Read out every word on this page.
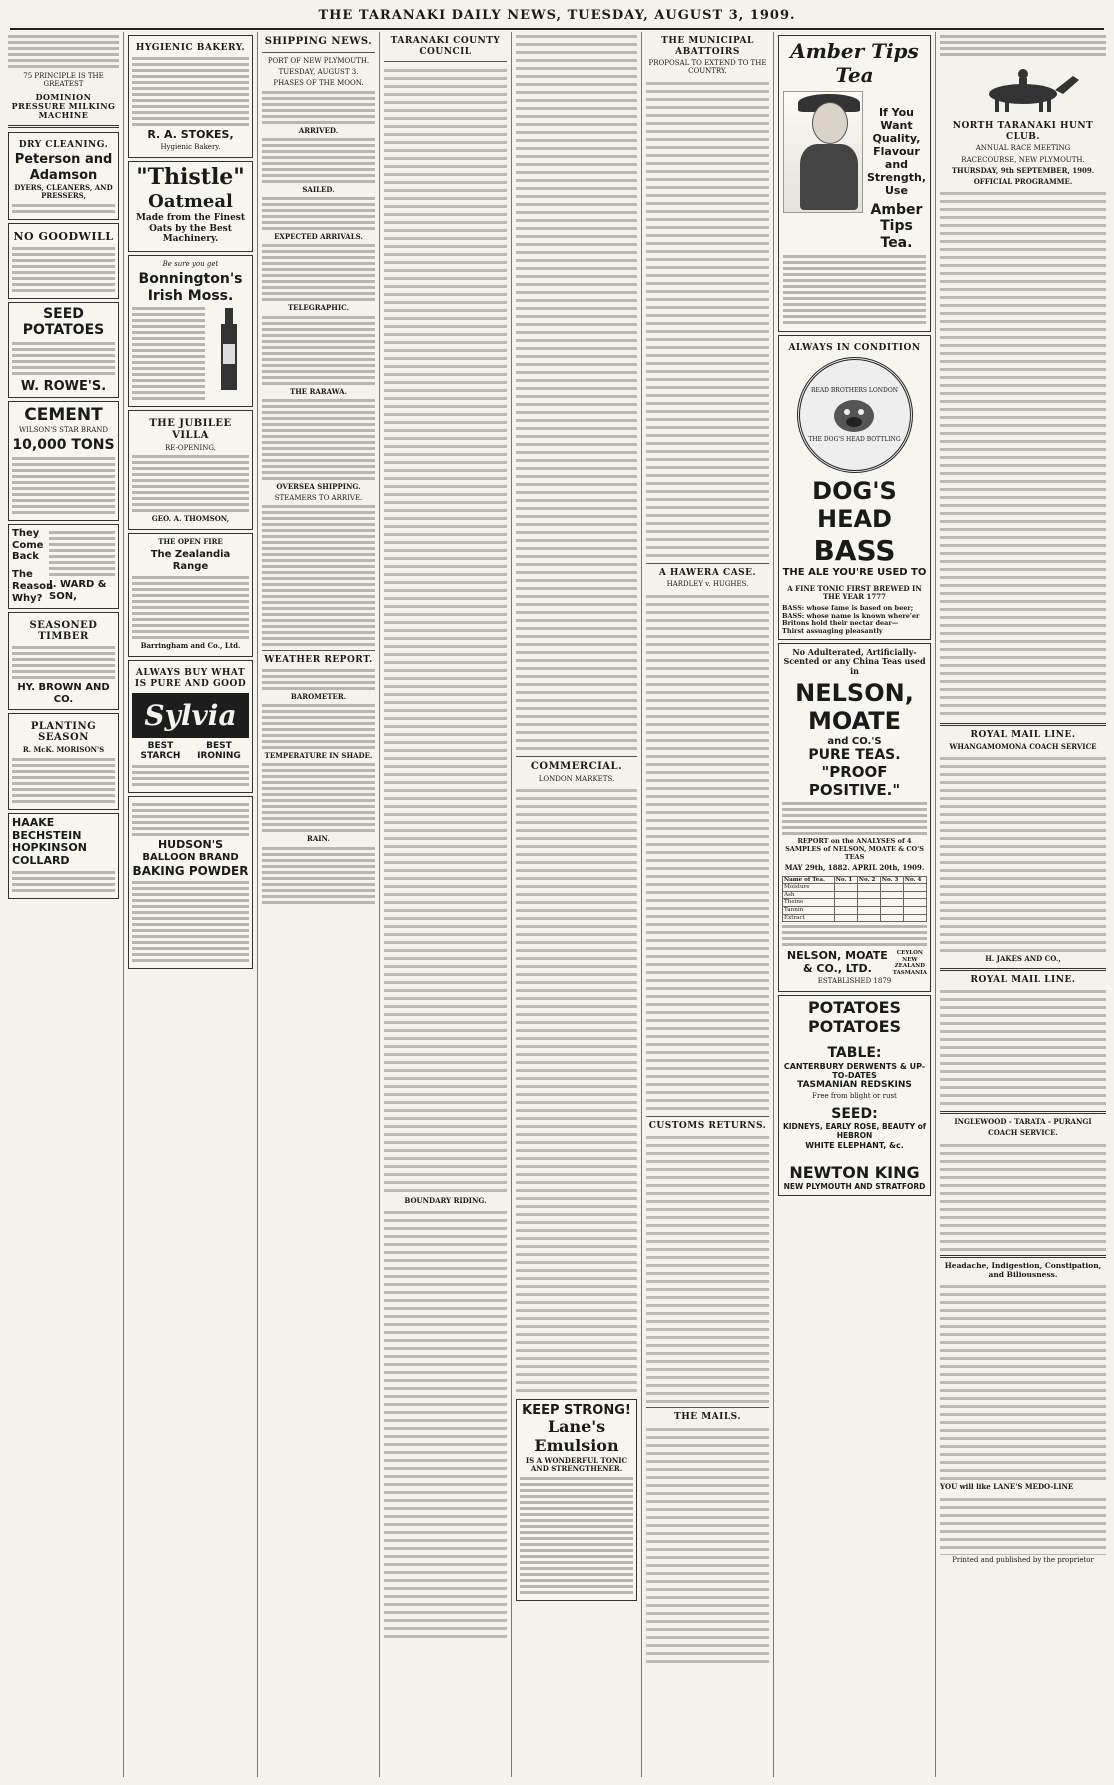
THE TARANAKI DAILY NEWS, TUESDAY, AUGUST 3, 1909.
75 PRINCIPLE IS THE GREATEST
DOMINION PRESSURE MILKING MACHINE
DRY CLEANING.
Peterson and Adamson
DYERS, CLEANERS, AND PRESSERS,
NO GOODWILL
SEED POTATOES
W. ROWE'S.
CEMENT
WILSON'S STAR BRAND
10,000 TONS
They Come Back
The Reason Why?
J. WARD & SON,
SEASONED TIMBER
HY. BROWN AND CO.
PLANTING SEASON
R. McK. MORISON'S
HAAKE
BECHSTEIN
HOPKINSON
COLLARD
HYGIENIC BAKERY.
R. A. STOKES,
Hygienic Bakery.
"Thistle"
Oatmeal
Made from the Finest Oats by the Best Machinery.
Be sure you get
Bonnington's Irish Moss.
THE JUBILEE VILLA
RE-OPENING.
GEO. A. THOMSON,
THE OPEN FIRE
The Zealandia Range
Barringham and Co., Ltd.
ALWAYS BUY WHAT IS PURE AND GOOD
Sylvia
BEST STARCH
BEST IRONING
HUDSON'S
BALLOON BRAND
BAKING POWDER
SHIPPING NEWS.
PORT OF NEW PLYMOUTH.
TUESDAY, AUGUST 3.
PHASES OF THE MOON.
ARRIVED.
SAILED.
EXPECTED ARRIVALS.
TELEGRAPHIC.
THE RARAWA.
OVERSEA SHIPPING.
STEAMERS TO ARRIVE.
WEATHER REPORT.
BAROMETER.
TEMPERATURE IN SHADE.
RAIN.
TARANAKI COUNTY COUNCIL
BOUNDARY RIDING.
COMMERCIAL.
LONDON MARKETS.
KEEP STRONG!
Lane's Emulsion
IS A WONDERFUL TONIC AND STRENGTHENER.
THE MUNICIPAL ABATTOIRS
PROPOSAL TO EXTEND TO THE COUNTRY.
A HAWERA CASE.
HARDLEY v. HUGHES.
CUSTOMS RETURNS.
THE MAILS.
Amber Tips Tea
If You Want Quality, Flavour and Strength, Use
Amber Tips Tea.
ALWAYS IN CONDITION
READ BROTHERS LONDON
THE DOG'S HEAD BOTTLING
DOG'S HEAD
BASS
THE ALE YOU'RE USED TO
A FINE TONIC FIRST BREWED IN THE YEAR 1777
BASS: whose fame is based on beer;
BASS: whose name is known where'er
Britons hold their nectar dear—
Thirst assuaging pleasantly
No Adulterated, Artificially-Scented or any China Teas used in
NELSON, MOATE
and CO.'S
PURE TEAS.
"PROOF POSITIVE."
REPORT on the ANALYSES of 4 SAMPLES of NELSON, MOATE & CO'S TEAS
MAY 29th, 1882. APRIL 20th, 1909.
Name of Tea.	No. 1	No. 2	No. 3	No. 4
Moisture				
Ash				
Theine				
Tannin				
Extract				
NELSON, MOATE & CO., LTD.
CEYLON NEW ZEALAND TASMANIA
ESTABLISHED 1879
POTATOES POTATOES
TABLE:
CANTERBURY DERWENTS & UP-TO-DATES
TASMANIAN REDSKINS
Free from blight or rust
SEED:
KIDNEYS, EARLY ROSE, BEAUTY of HEBRON
WHITE ELEPHANT, &c.
NEWTON KING
NEW PLYMOUTH AND STRATFORD
NORTH TARANAKI HUNT CLUB.
ANNUAL RACE MEETING
RACECOURSE, NEW PLYMOUTH.
THURSDAY, 9th SEPTEMBER, 1909.
OFFICIAL PROGRAMME.
ROYAL MAIL LINE.
WHANGAMOMONA COACH SERVICE
H. JAKES AND CO.,
ROYAL MAIL LINE.
INGLEWOOD - TARATA - PURANGI
COACH SERVICE.
Headache, Indigestion, Constipation, and Biliousness.
YOU will like LANE'S MEDO-LINE
Printed and published by the proprietor
